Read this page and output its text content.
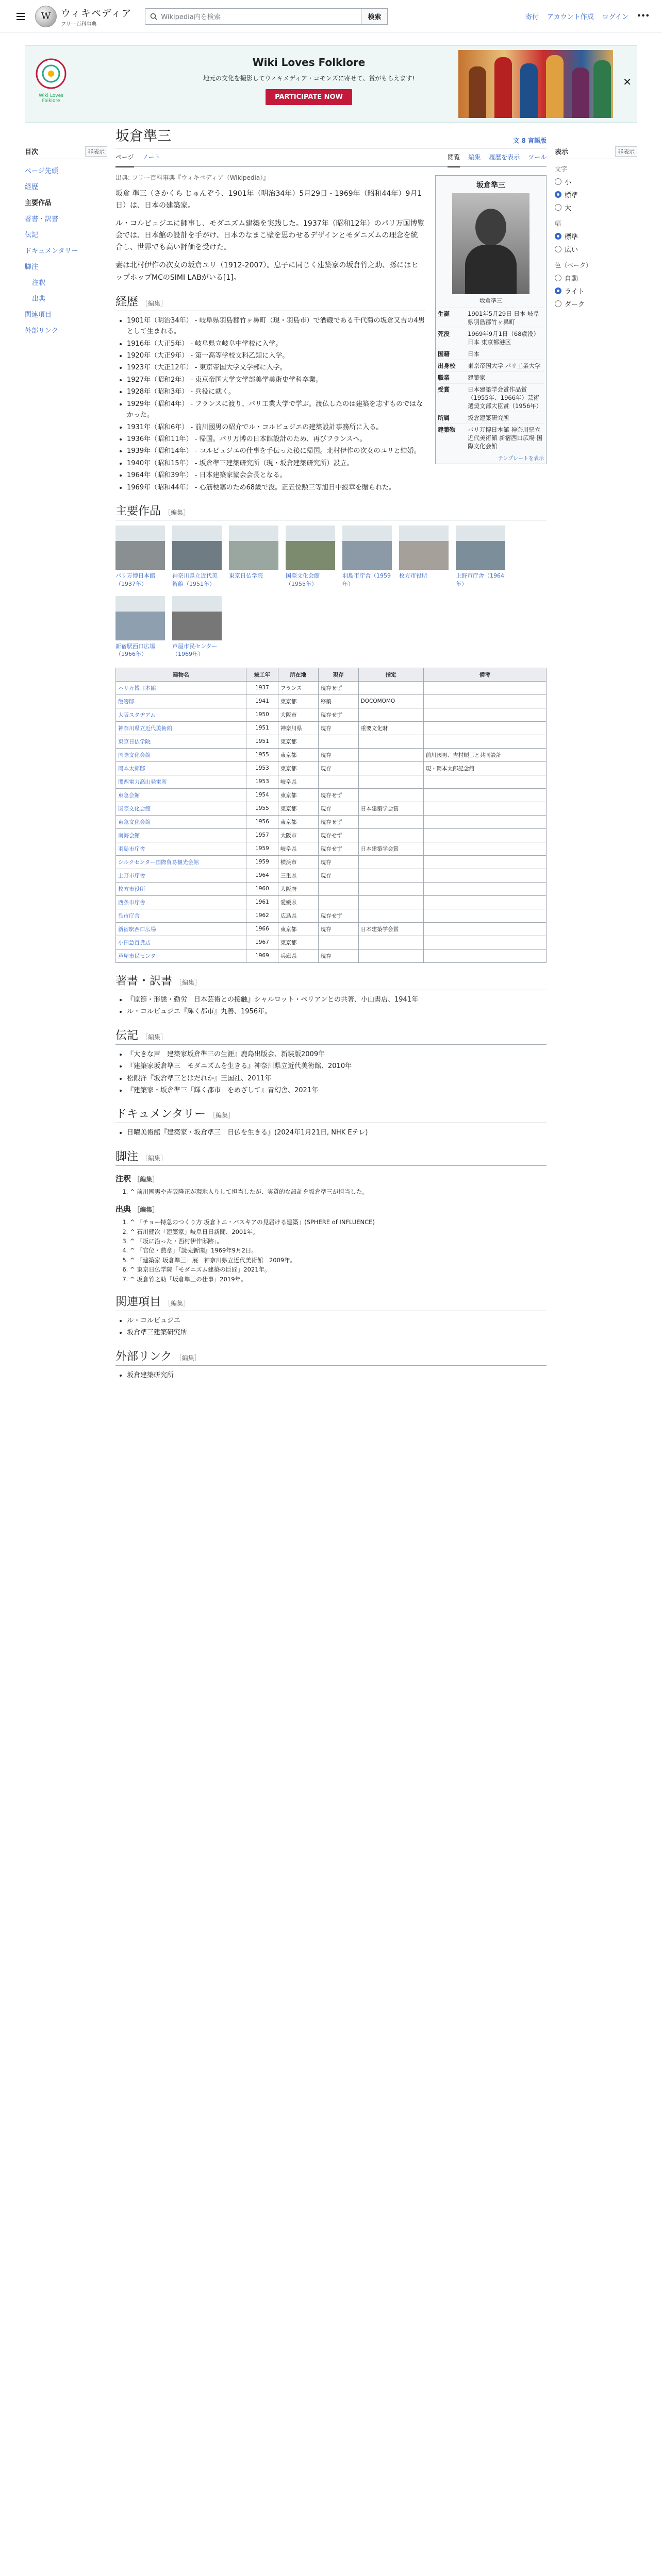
W	ウィキペディア
フリー百科事典
Wikipedia内を検索	検索	寄付 アカウント作成 ログイン •••
Wiki Loves Folklore
Wiki Loves Folklore
地元の文化を撮影してウィキメディア・コモンズに寄せて、賞がもらえます!
PARTICIPATE NOW
✕
目次	非表示
ページ先頭
経歴
主要作品
著書・訳書
伝記
ドキュメンタリー
脚注
注釈
出典
関連項目
外部リンク
表示	非表示
文字
小
標準
大
幅
標準
広い
色（ベータ）
自動
ライト
ダーク
坂倉準三	文 8 言語版
ページ ノート	閲覧 編集 履歴を表示 ツール
出典: フリー百科事典『ウィキペディア（Wikipedia）』
坂倉準三
坂倉準三
生誕	1901年5月29日 日本 岐阜県羽島郡竹ヶ鼻町
死没	1969年9月1日（68歳没） 日本 東京都港区
国籍	日本
出身校	東京帝国大学 パリ工業大学
職業	建築家
受賞	日本建築学会賞作品賞（1955年、1966年）芸術選奨文部大臣賞（1956年）
所属	坂倉建築研究所
建築物	パリ万博日本館 神奈川県立近代美術館 新宿西口広場 国際文化会館
テンプレートを表示

坂倉 準三（さかくら じゅんぞう、1901年（明治34年）5月29日 - 1969年（昭和44年）9月1日）は、日本の建築家。

ル・コルビュジエに師事し、モダニズム建築を実践した。1937年（昭和12年）のパリ万国博覧会では、日本館の設計を手がけ、日本のなまこ壁を思わせるデザインとモダニズムの理念を統合し、世界でも高い評価を受けた。

妻は北村伊作の次女の坂倉ユリ（1912-2007）。息子に同じく建築家の坂倉竹之助、孫にはヒップホップMCのSIMI LABがいる[1]。

経歴 ［編集］
• 1901年（明治34年） - 岐阜県羽島郡竹ヶ鼻町（現・羽島市）で酒蔵である千代菊の坂倉又吉の4男として生まれる。
• 1916年（大正5年） - 岐阜県立岐阜中学校に入学。
• 1920年（大正9年） - 第一高等学校文科乙類に入学。
• 1923年（大正12年） - 東京帝国大学文学部に入学。
• 1927年（昭和2年） - 東京帝国大学文学部美学美術史学科卒業。
• 1928年（昭和3年） - 兵役に就く。
• 1929年（昭和4年） - フランスに渡り、パリ工業大学で学ぶ。渡仏したのは建築を志すものではなかった。
• 1931年（昭和6年） - 前川國男の紹介でル・コルビュジエの建築設計事務所に入る。
• 1936年（昭和11年） - 帰国。パリ万博の日本館設計のため、再びフランスへ。
• 1939年（昭和14年） - コルビュジエの仕事を手伝った後に帰国。北村伊作の次女のユリと結婚。
• 1940年（昭和15年） - 坂倉準三建築研究所（現・坂倉建築研究所）設立。
• 1964年（昭和39年） - 日本建築家協会会長となる。
• 1969年（昭和44年） - 心筋梗塞のため68歳で没。正五位勲三等旭日中綬章を贈られた。
主要作品 ［編集］
パリ万博日本館（1937年）
神奈川県立近代美術館（1951年）
東京日仏学院	国際文化会館（1955年）
羽島市庁舎（1959年）
枚方市役所	上野市庁舎（1964年）
新宿駅西口広場（1966年）
芦屋市民センター（1969年）
建物名	竣工年	所在地	現存	指定	備考
パリ万博日本館	1937	フランス	現存せず		
飯箸邸	1941	東京都	移築	DOCOMOMO	
大阪スタヂアム	1950	大阪市	現存せず		
神奈川県立近代美術館	1951	神奈川県	現存	重要文化財	
東京日仏学院	1951	東京都			
国際文化会館	1955	東京都	現存		前川國男、吉村順三と共同設計
岡本太郎邸	1953	東京都	現存		現・岡本太郎記念館
関西電力高山発電所	1953	岐阜県			
東急会館	1954	東京都	現存せず		
国際文化会館	1955	東京都	現存	日本建築学会賞	
東急文化会館	1956	東京都	現存せず		
南海会館	1957	大阪市	現存せず		
羽島市庁舎	1959	岐阜県	現存せず	日本建築学会賞	
シルクセンター国際貿易観光会館	1959	横浜市	現存		
上野市庁舎	1964	三重県	現存		
枚方市役所	1960	大阪府			
西条市庁舎	1961	愛媛県			
呉市庁舎	1962	広島県	現存せず		
新宿駅西口広場	1966	東京都	現存	日本建築学会賞	
小田急百貨店	1967	東京都			
芦屋市民センター	1969	兵庫県	現存		
著書・訳書 ［編集］
• 『原節・形態・勤労　日本芸術との接触』シャルロット・ペリアンとの共著、小山書店、1941年
• ル・コルビュジエ『輝く都市』丸善、1956年。
伝記 ［編集］
• 『大きな声　建築家坂倉準三の生涯』鹿島出版会、新装版2009年
• 『建築家坂倉準三　モダニズムを生きる』神奈川県立近代美術館、2010年
• 松隈洋『坂倉準三とはだれか』王国社、2011年
• 『建築家・坂倉準三「輝く都市」をめざして』青幻舎、2021年
ドキュメンタリー ［編集］
• 日曜美術館『建築家・坂倉準三　日仏を生きる』(2024年1月21日, NHK Eテレ)
脚注 ［編集］
注釈 ［編集］
1. ^ 前川國男や吉阪隆正が現地入りして担当したが、実質的な設計を坂倉準三が担当した。
出典 ［編集］
1. ^ 「チョー特急のつくり方 坂倉トニ・バスキアの見届ける建築」(SPHERE of INFLUENCE)
2. ^ 石川健次「建築家」岐阜日日新聞、2001年。
3. ^ 「坂に沿った・西村伊作邸跡」。
4. ^ 「官位・勲章」『読売新聞』1969年9月2日。
5. ^ 「建築家 坂倉準三」展　神奈川県立近代美術館　2009年。
6. ^ 東京日仏学院「モダニズム建築の巨匠」2021年。
7. ^ 坂倉竹之助「坂倉準三の仕事」2019年。
関連項目 ［編集］
• ル・コルビュジエ
• 坂倉準三建築研究所
外部リンク ［編集］
• 坂倉建築研究所
